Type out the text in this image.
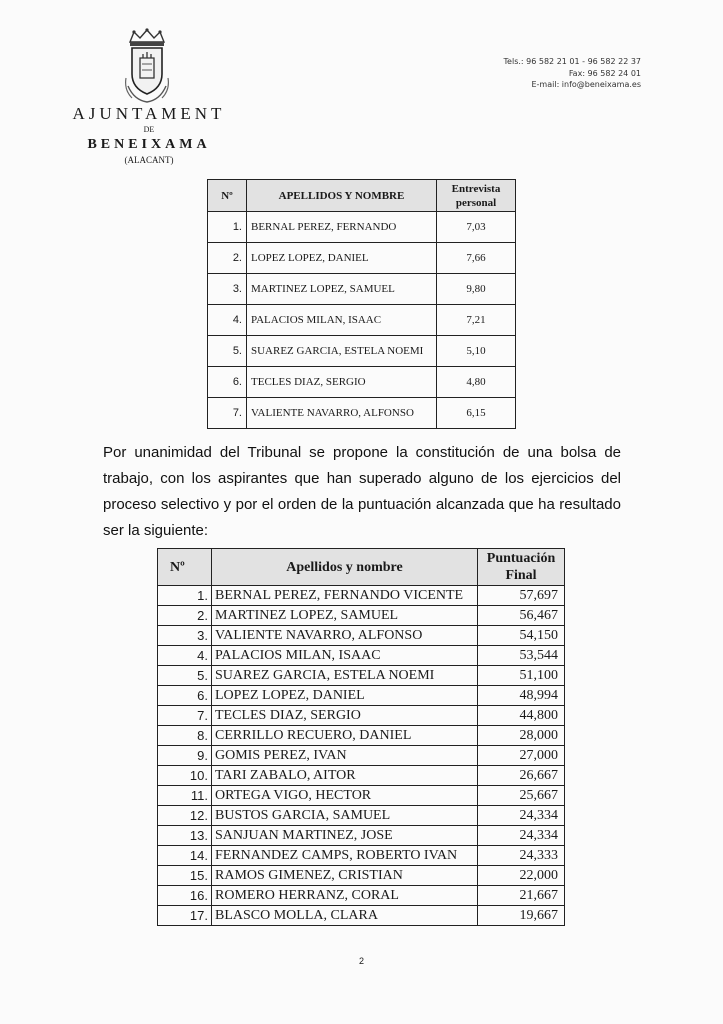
AJUNTAMENT
DE
BENEIXAMA
(ALACANT)
Tels.: 96 582 21 01 - 96 582 22 37
Fax: 96 582 24 01
E-mail: info@beneixama.es
Nº	APELLIDOS Y NOMBRE	Entrevista
personal
1.	BERNAL PEREZ, FERNANDO	7,03
2.	LOPEZ LOPEZ, DANIEL	7,66
3.	MARTINEZ LOPEZ, SAMUEL	9,80
4.	PALACIOS MILAN, ISAAC	7,21
5.	SUAREZ GARCIA, ESTELA NOEMI	5,10
6.	TECLES DIAZ, SERGIO	4,80
7.	VALIENTE NAVARRO, ALFONSO	6,15
Por unanimidad del Tribunal se propone la constitución de una bolsa de trabajo, con los aspirantes que han superado alguno de los ejercicios del proceso selectivo y por el orden de la puntuación alcanzada que ha resultado ser la siguiente:
Nº	Apellidos y nombre	Puntuación
Final
1.	BERNAL PEREZ, FERNANDO VICENTE	57,697
2.	MARTINEZ LOPEZ, SAMUEL	56,467
3.	VALIENTE NAVARRO, ALFONSO	54,150
4.	PALACIOS MILAN, ISAAC	53,544
5.	SUAREZ GARCIA, ESTELA NOEMI	51,100
6.	LOPEZ LOPEZ, DANIEL	48,994
7.	TECLES DIAZ, SERGIO	44,800
8.	CERRILLO RECUERO, DANIEL	28,000
9.	GOMIS PEREZ, IVAN	27,000
10.	TARI ZABALO, AITOR	26,667
11.	ORTEGA VIGO, HECTOR	25,667
12.	BUSTOS GARCIA, SAMUEL	24,334
13.	SANJUAN MARTINEZ, JOSE	24,334
14.	FERNANDEZ CAMPS, ROBERTO IVAN	24,333
15.	RAMOS GIMENEZ, CRISTIAN	22,000
16.	ROMERO HERRANZ, CORAL	21,667
17.	BLASCO MOLLA, CLARA	19,667
2
